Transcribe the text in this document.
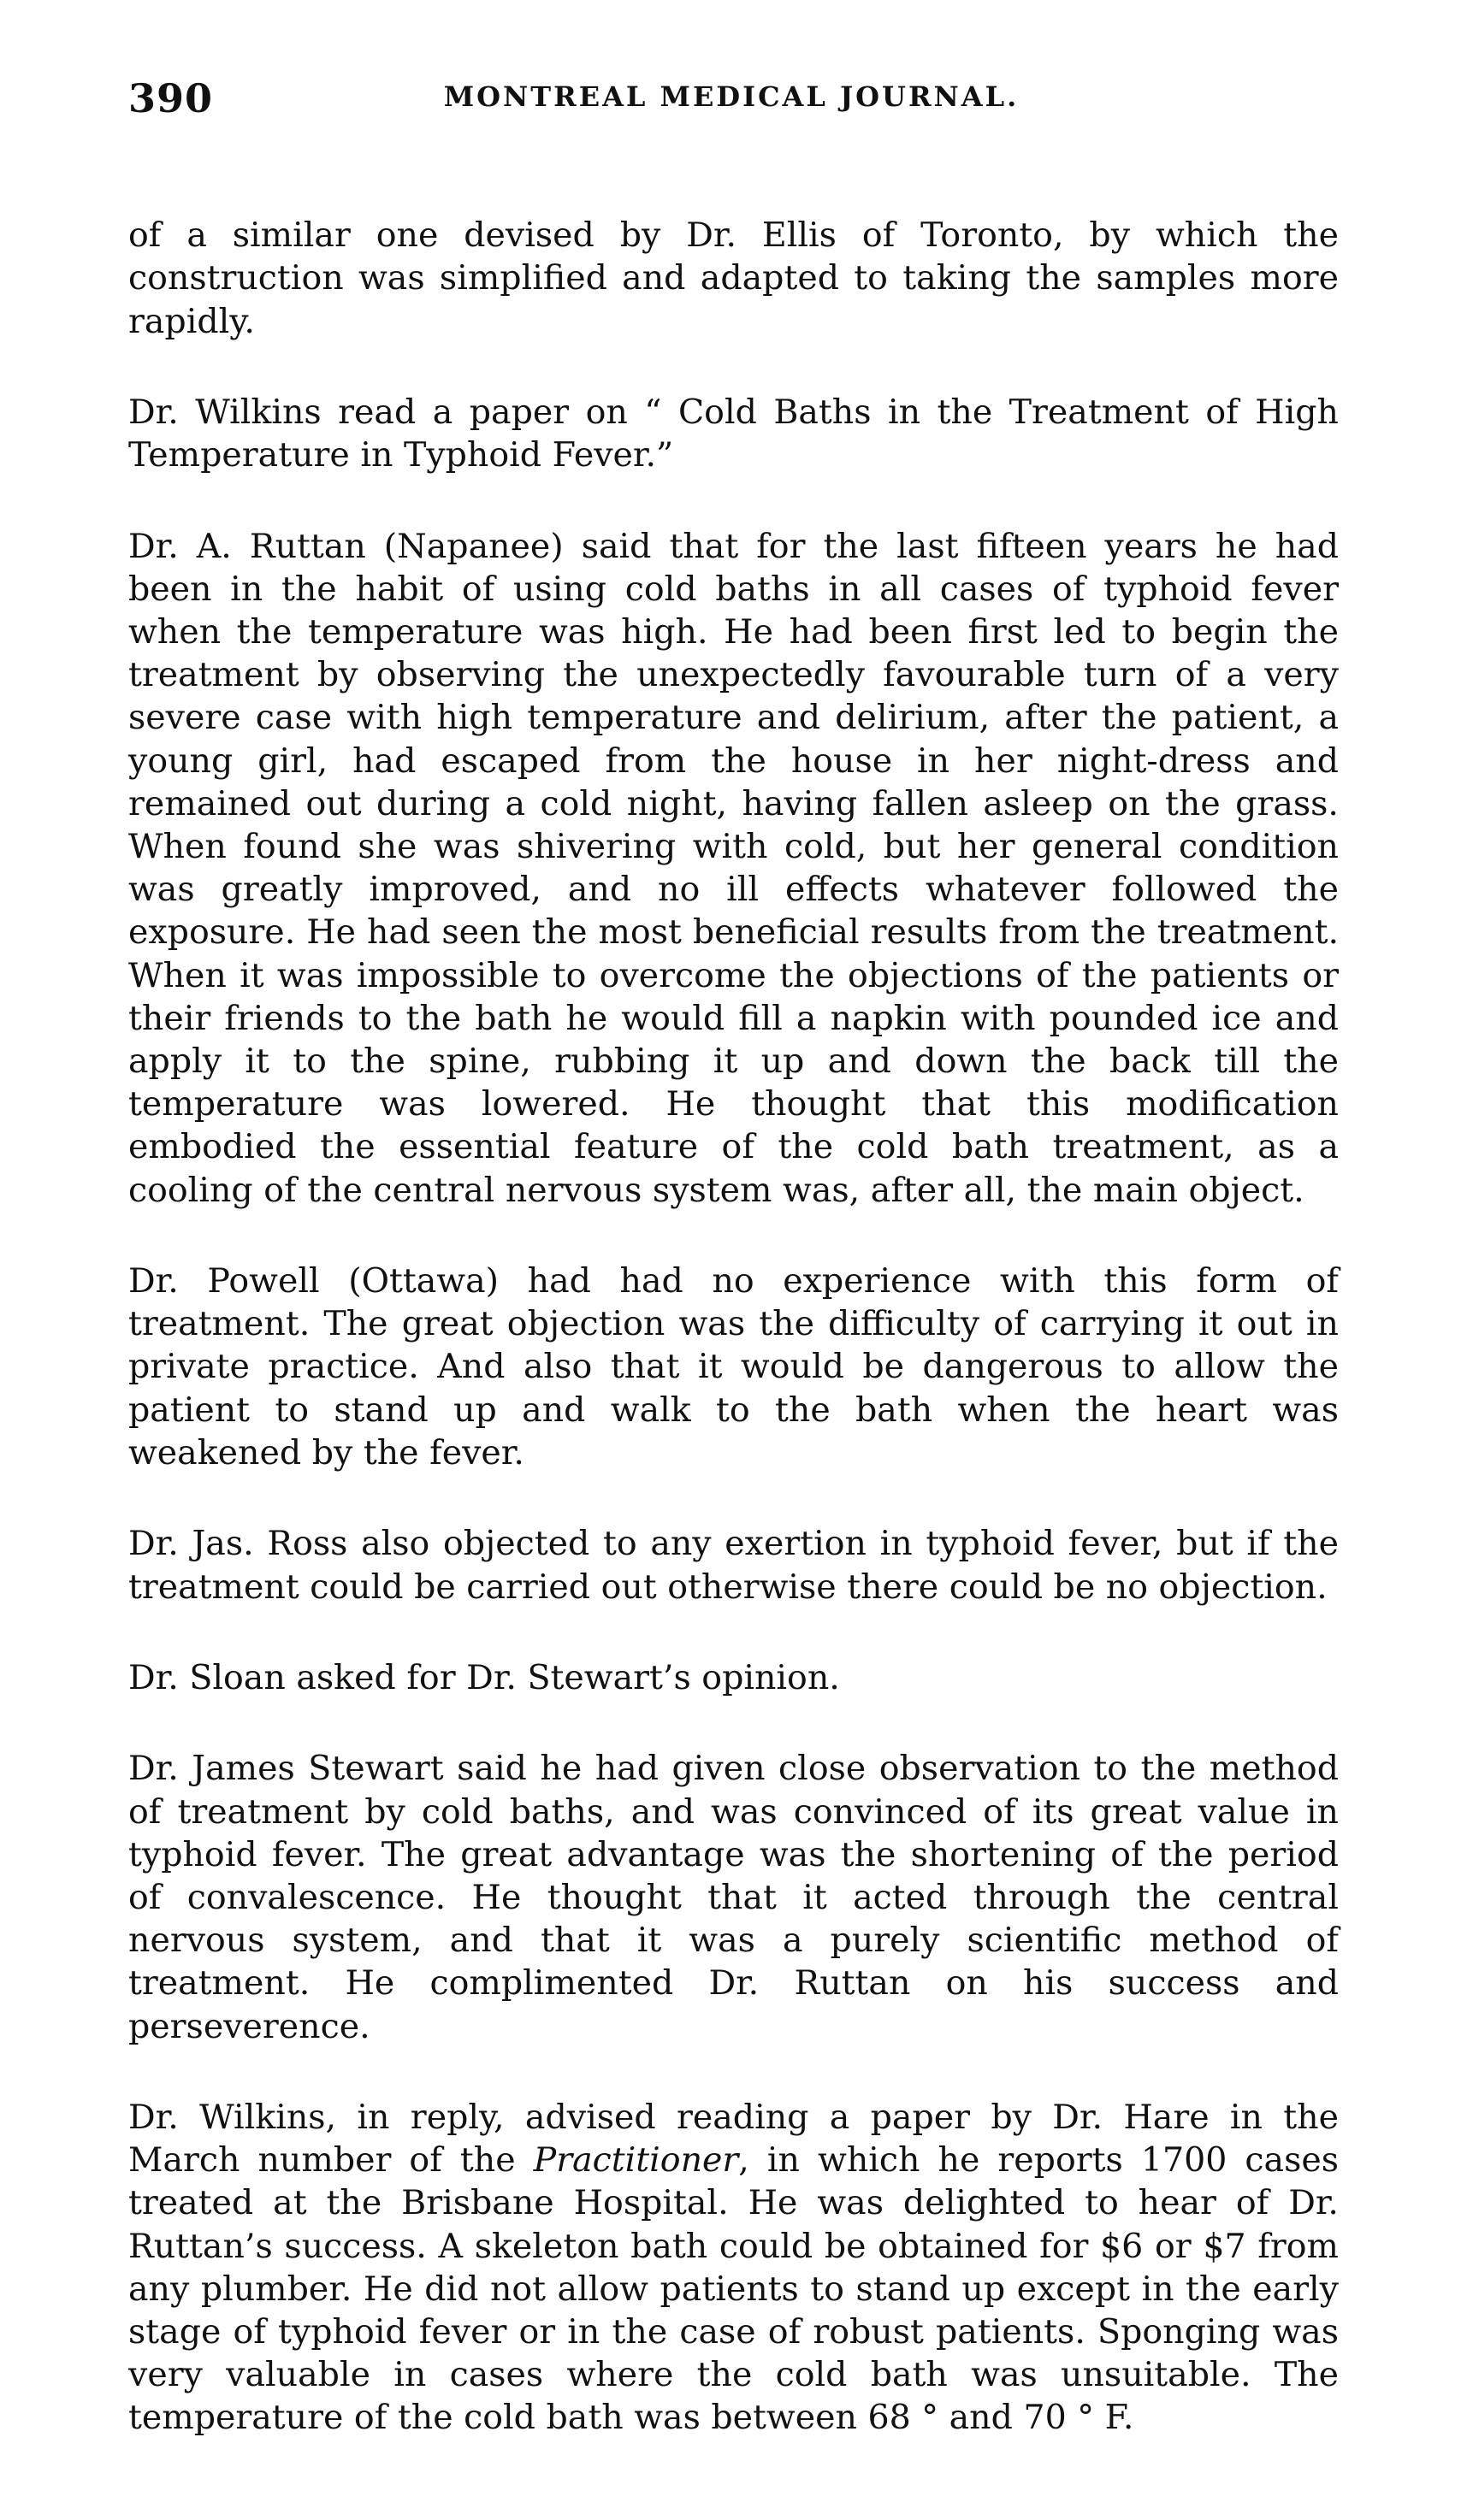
390	MONTREAL MEDICAL JOURNAL.

of a similar one devised by Dr. Ellis of Toronto, by which the construction was simplified and adapted to taking the samples more rapidly.

Dr. Wilkins read a paper on “ Cold Baths in the Treatment of High Temperature in Typhoid Fever.”

Dr. A. Ruttan (Napanee) said that for the last fifteen years he had been in the habit of using cold baths in all cases of typhoid fever when the temperature was high. He had been first led to begin the treatment by observing the unexpectedly favourable turn of a very severe case with high temperature and delirium, after the patient, a young girl, had escaped from the house in her night-dress and remained out during a cold night, having fallen asleep on the grass. When found she was shivering with cold, but her general condition was greatly improved, and no ill effects whatever followed the exposure. He had seen the most beneficial results from the treatment. When it was impossible to overcome the objections of the patients or their friends to the bath he would fill a napkin with pounded ice and apply it to the spine, rubbing it up and down the back till the temperature was lowered. He thought that this modification embodied the essential feature of the cold bath treatment, as a cooling of the central nervous system was, after all, the main object.

Dr. Powell (Ottawa) had had no experience with this form of treatment. The great objection was the difficulty of carrying it out in private practice. And also that it would be dangerous to allow the patient to stand up and walk to the bath when the heart was weakened by the fever.

Dr. Jas. Ross also objected to any exertion in typhoid fever, but if the treatment could be carried out otherwise there could be no objection.

Dr. Sloan asked for Dr. Stewart’s opinion.

Dr. James Stewart said he had given close observation to the method of treatment by cold baths, and was convinced of its great value in typhoid fever. The great advantage was the shortening of the period of convalescence. He thought that it acted through the central nervous system, and that it was a purely scientific method of treatment. He complimented Dr. Ruttan on his success and perseverence.

Dr. Wilkins, in reply, advised reading a paper by Dr. Hare in the March number of the Practitioner, in which he reports 1700 cases treated at the Brisbane Hospital. He was delighted to hear of Dr. Ruttan’s success. A skeleton bath could be obtained for $6 or $7 from any plumber. He did not allow patients to stand up except in the early stage of typhoid fever or in the case of robust patients. Sponging was very valuable in cases where the cold bath was unsuitable. The temperature of the cold bath was between 68 ° and 70 ° F.
